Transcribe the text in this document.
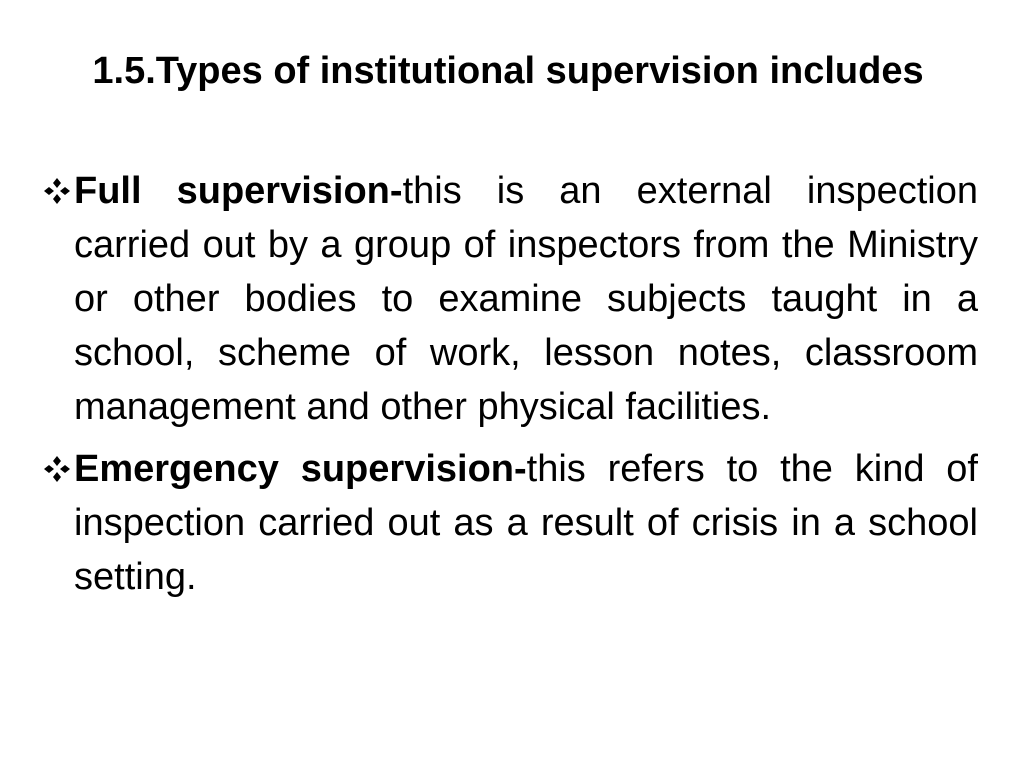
1.5.Types of institutional supervision includes
Full supervision-this is an external inspection carried out by a group of inspectors from the Ministry or other bodies to examine subjects taught in a school, scheme of work, lesson notes, classroom management and other physical facilities.
Emergency supervision-this refers to the kind of inspection carried out as a result of crisis in a school setting.
